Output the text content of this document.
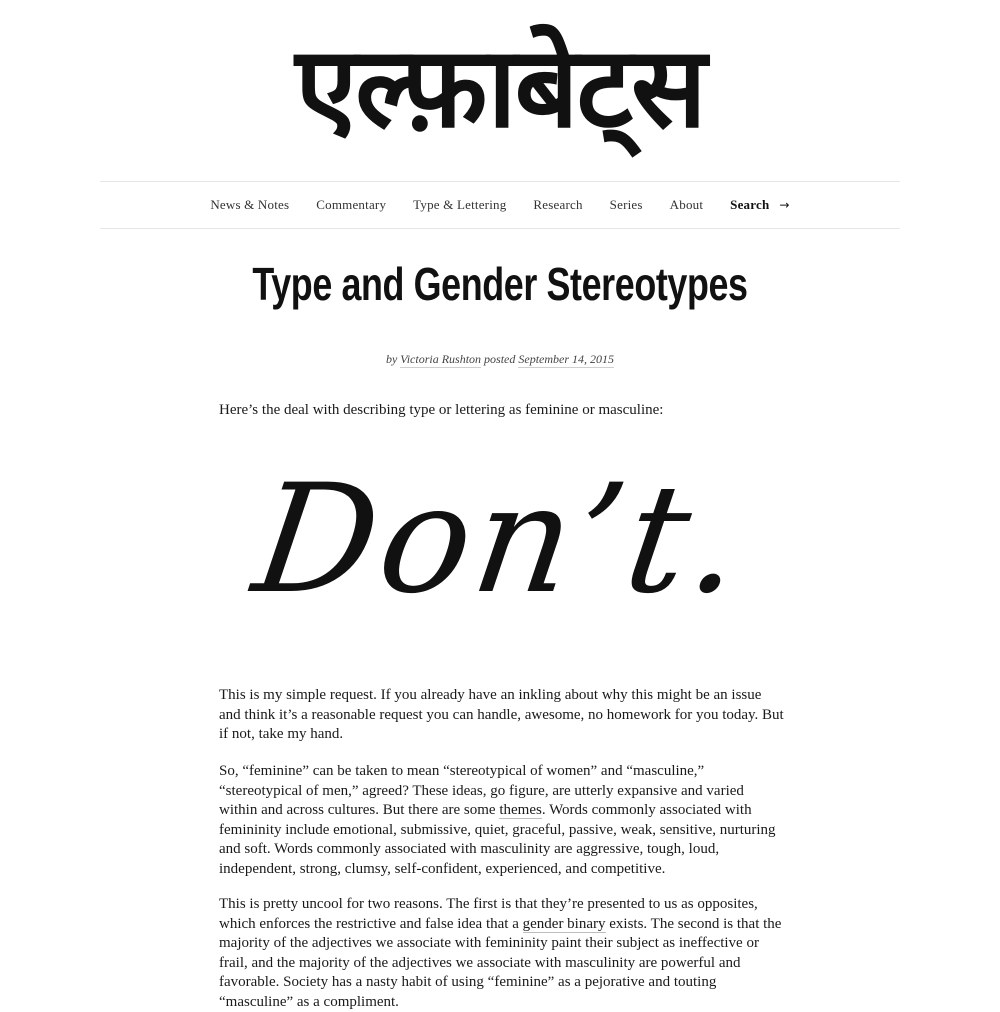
एल्फ़ाबेट्स
News & Notes Commentary Type & Lettering Research Series About Search →
Type and Gender Stereotypes
by Victoria Rushton posted September 14, 2015

Here’s the deal with describing type or lettering as feminine or masculine:

Don’t.

This is my simple request. If you already have an inkling about why this might be an issue and think it’s a reasonable request you can handle, awesome, no homework for you today. But if not, take my hand.

So, “feminine” can be taken to mean “stereotypical of women” and “masculine,” “stereotypical of men,” agreed? These ideas, go figure, are utterly expansive and varied within and across cultures. But there are some themes. Words commonly associated with femininity include emotional, submissive, quiet, graceful, passive, weak, sensitive, nurturing and soft. Words commonly associated with masculinity are aggressive, tough, loud, independent, strong, clumsy, self-confident, experienced, and competitive.

This is pretty uncool for two reasons. The first is that they’re presented to us as opposites, which enforces the restrictive and false idea that a gender binary exists. The second is that the majority of the adjectives we associate with femininity paint their subject as ineffective or frail, and the majority of the adjectives we associate with masculinity are powerful and favorable. Society has a nasty habit of using “feminine” as a pejorative and touting “masculine” as a compliment.
